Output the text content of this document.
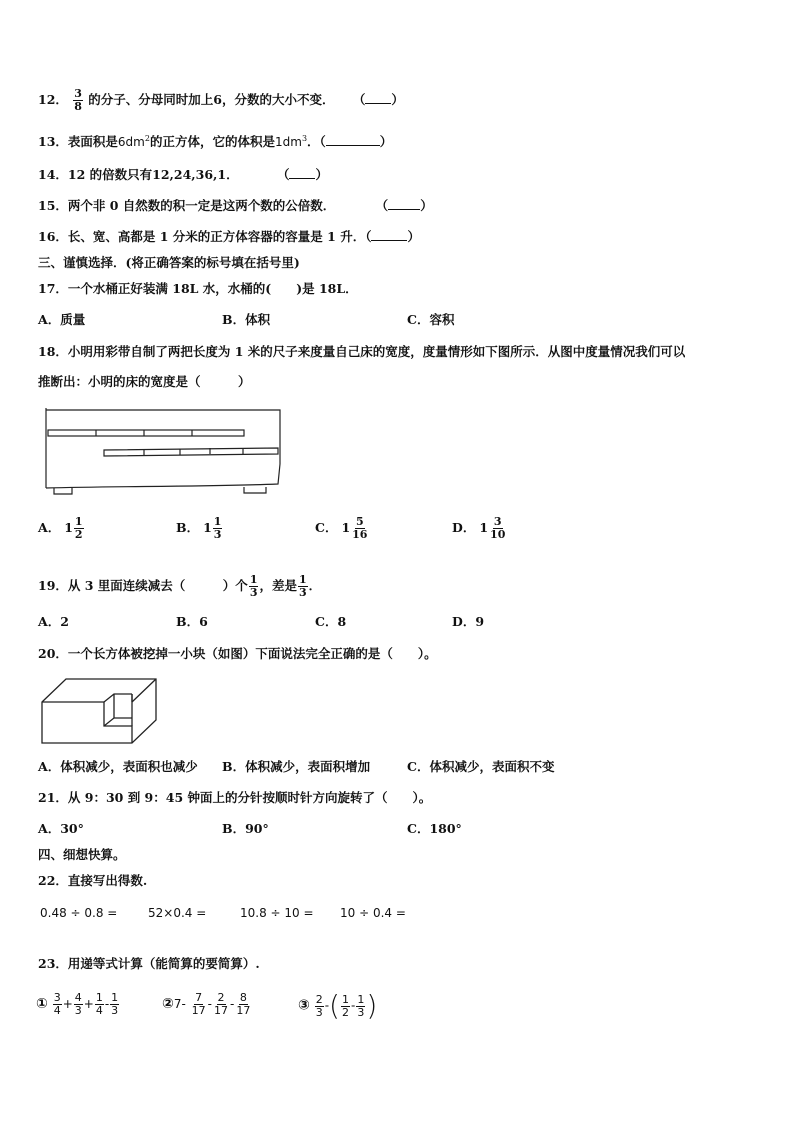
12． $\frac{3}{8}$ 的分子、分母同时加上6，分数的大小不变． （ ）
13．表面积是$6dm^2$的正方体，它的体积是$1dm^3$．（	）
14．12 的倍数只有12,24,36,1．	（ ）
15．两个非 0 自然数的积一定是这两个数的公倍数．	（	）
16．长、宽、高都是 1 分米的正方体容器的容量是 1 升．（	）
三、谨慎选择．(将正确答案的标号填在括号里)
17．一个水桶正好装满 18L 水，水桶的(　　)是 18L．
A．质量	B．体积	C．容积
18．小明用彩带自制了两把长度为 1 米的尺子来度量自己床的宽度，度量情形如下图所示．从图中度量情况我们可以
推断出：小明的床的宽度是（　　　）
A． $1 \frac{1}{2}$	B． $1 \frac{1}{3}$	C． $1 \frac{5}{16}$	D． $1 \frac{3}{10}$
19．从 3 里面连续减去（　　　）个 $\frac{1}{3}$ ，差是 $\frac{1}{3}$ ．
A．2	B．6	C．8	D．9
20．一个长方体被挖掉一小块（如图）下面说法完全正确的是（　　）。
A．体积减少，表面积也减少 B．体积减少，表面积增加	C．体积减少，表面积不变
21．从 9：30 到 9：45 钟面上的分针按顺时针方向旋转了（　　）。
A．30°	B．90°	C．180°
四、细想快算。
22．直接写出得数.
0.48 ÷ 0.8 =	52×0.4 =	10.8 ÷ 10 = 10 ÷ 0.4 =
23．用递等式计算（能简算的要简算）.
① $\frac{3}{4} + \frac{4}{3} + \frac{1}{4} - \frac{1}{3}$	②7- $\frac{7}{17} - \frac{2}{17} - \frac{8}{17}$	③ $\frac{2}{3}$ -( $\frac{1}{2} - \frac{1}{3}$ )
